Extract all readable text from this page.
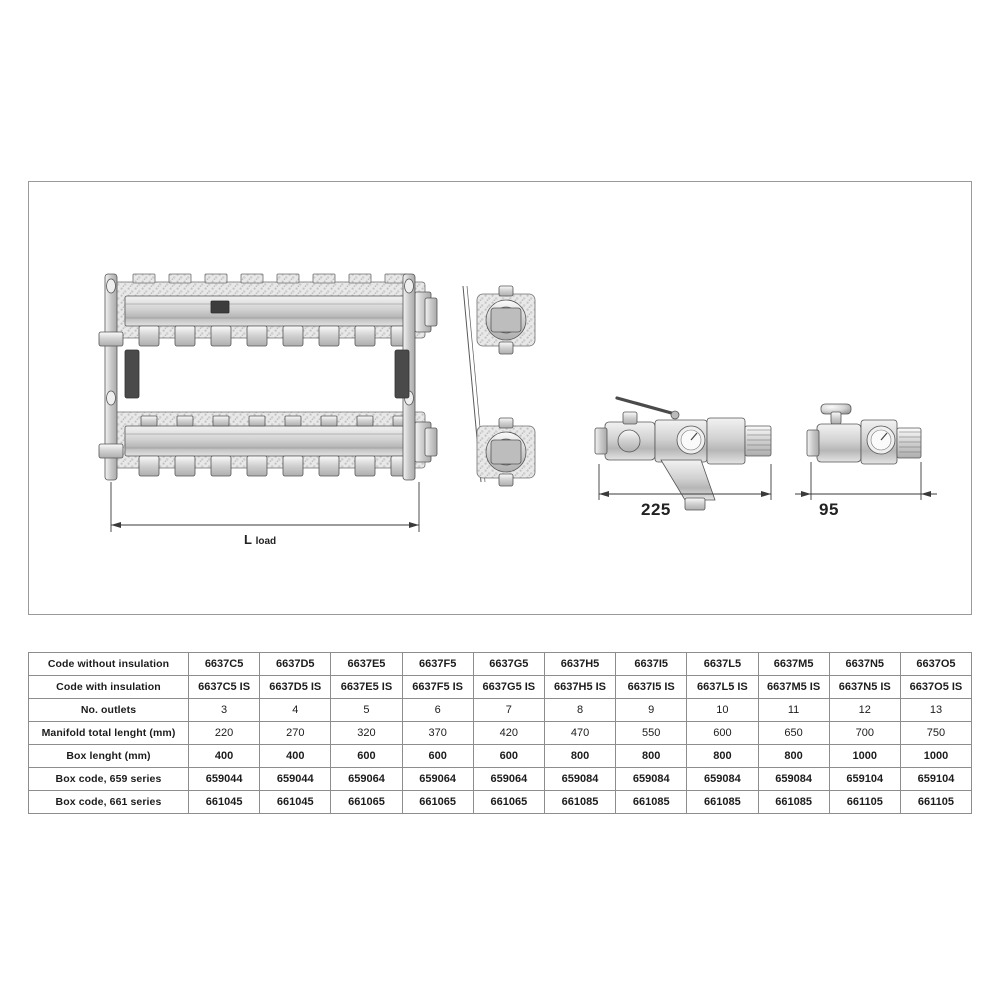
L load
225	95
Code without insulation	6637C5	6637D5	6637E5	6637F5	6637G5	6637H5	6637I5	6637L5	6637M5	6637N5	6637O5
Code with insulation	6637C5 IS	6637D5 IS	6637E5 IS	6637F5 IS	6637G5 IS	6637H5 IS	6637I5 IS	6637L5 IS	6637M5 IS	6637N5 IS	6637O5 IS
No. outlets	3	4	5	6	7	8	9	10	11	12	13
Manifold total lenght (mm)	220	270	320	370	420	470	550	600	650	700	750
Box lenght (mm)	400	400	600	600	600	800	800	800	800	1000	1000
Box code, 659 series	659044	659044	659064	659064	659064	659084	659084	659084	659084	659104	659104
Box code, 661 series	661045	661045	661065	661065	661065	661085	661085	661085	661085	661105	661105
